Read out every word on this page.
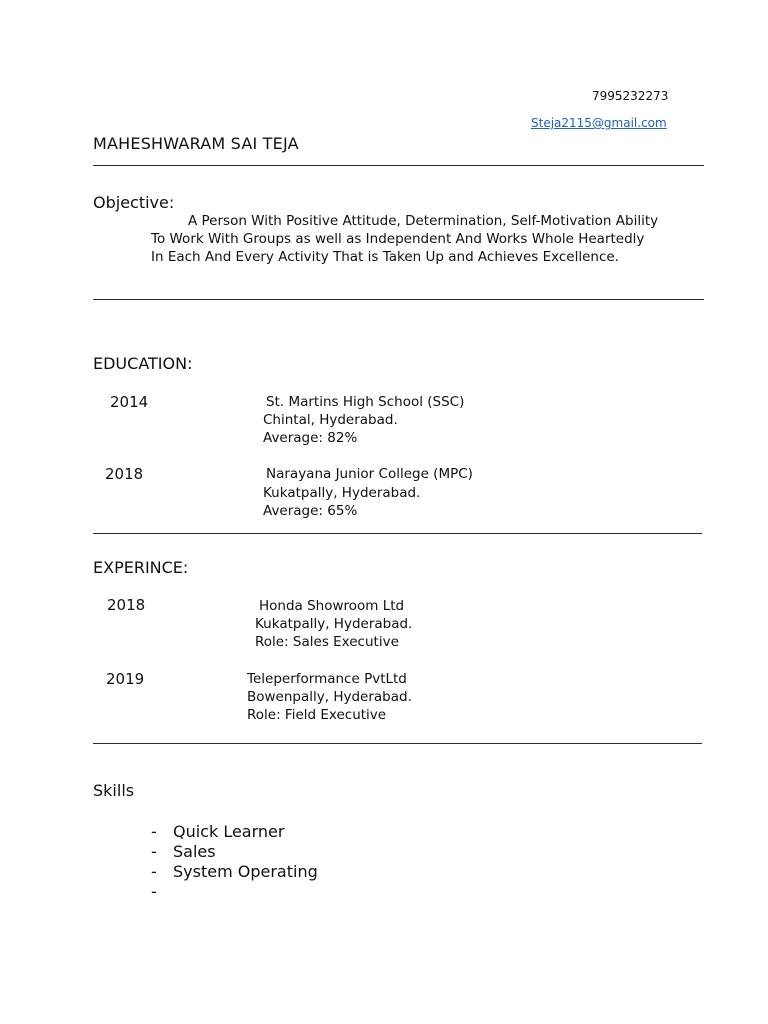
7995232273
Steja2115@gmail.com
MAHESHWARAM SAI TEJA
Objective:
A Person With Positive Attitude, Determination, Self-Motivation Ability
To Work With Groups as well as Independent And Works Whole Heartedly
In Each And Every Activity That is Taken Up and Achieves Excellence.
EDUCATION:
2014	St. Martins High School (SSC)
Chintal, Hyderabad.
Average: 82%
2018	Narayana Junior College (MPC)
Kukatpally, Hyderabad.
Average: 65%
EXPERINCE:
2018	Honda Showroom Ltd
Kukatpally, Hyderabad.
Role: Sales Executive
2019	Teleperformance PvtLtd
Bowenpally, Hyderabad.
Role: Field Executive
Skills
- Quick Learner
- Sales
- System Operating
-
